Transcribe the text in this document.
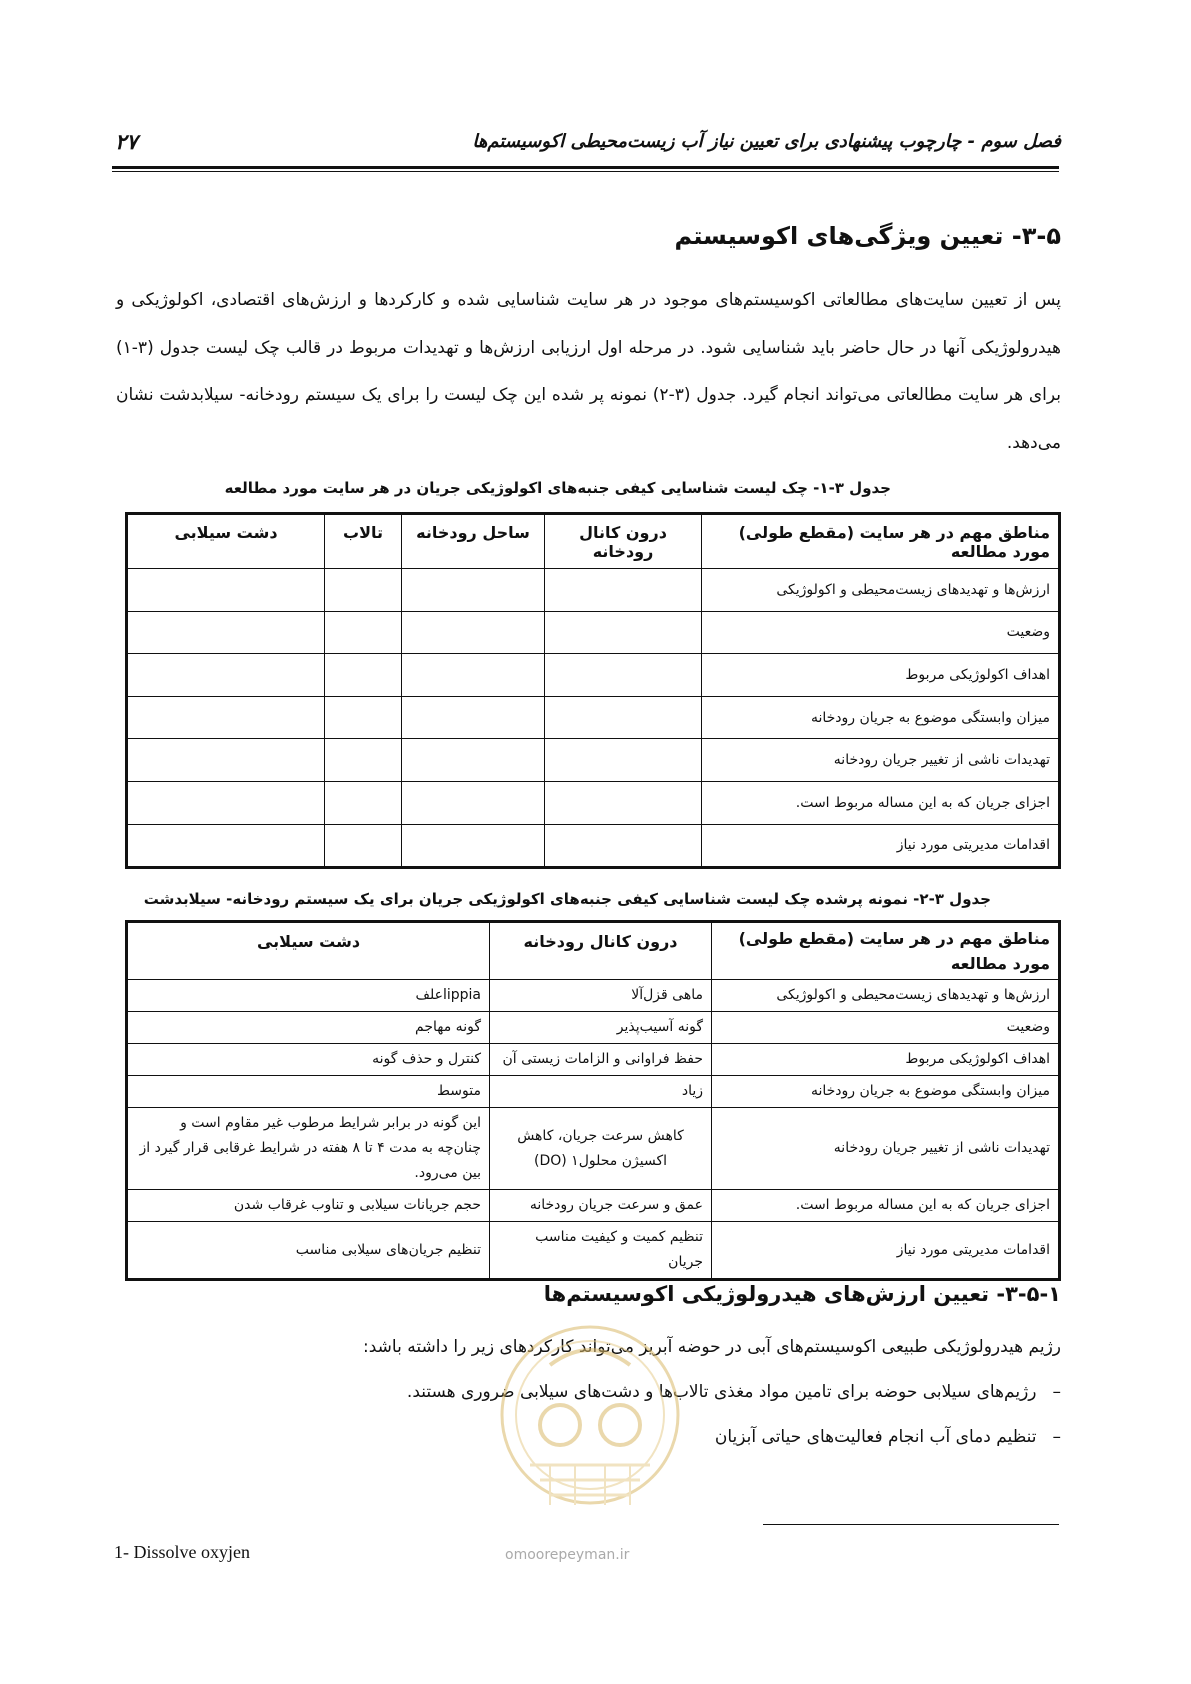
۲۷	فصل سوم - چارچوب پیشنهادی برای تعیین نیاز آب زیست‌محیطی اکوسیستم‌ها
۳-۵- تعیین ویژگی‌های اکوسیستم
پس از تعیین سایت‌های مطالعاتی اکوسیستم‌های موجود در هر سایت شناسایی شده و کارکردها و ارزش‌های اقتصادی، اکولوژیکی و هیدرولوژیکی آنها در حال حاضر باید شناسایی شود. در مرحله اول ارزیابی ارزش‌ها و تهدیدات مربوط در قالب چک لیست جدول (۳-۱) برای هر سایت مطالعاتی می‌تواند انجام گیرد. جدول (۳-۲) نمونه پر شده این چک لیست را برای یک سیستم رودخانه- سیلابدشت نشان می‌دهد.
جدول ۳-۱- چک لیست شناسایی کیفی جنبه‌های اکولوژیکی جریان در هر سایت مورد مطالعه
مناطق مهم در هر سایت (مقطع طولی) مورد مطالعه	درون کانال رودخانه	ساحل رودخانه	تالاب	دشت سیلابی
ارزش‌ها و تهدیدهای زیست‌محیطی و اکولوژیکی				
وضعیت				
اهداف اکولوژیکی مربوط				
میزان وابستگی موضوع به جریان رودخانه				
تهدیدات ناشی از تغییر جریان رودخانه				
اجزای جریان که به این مساله مربوط است.				
اقدامات مدیریتی مورد نیاز				
جدول ۳-۲- نمونه پرشده چک لیست شناسایی کیفی جنبه‌های اکولوژیکی جریان برای یک سیستم رودخانه- سیلابدشت
مناطق مهم در هر سایت (مقطع طولی) مورد مطالعه	درون کانال رودخانه	دشت سیلابی
ارزش‌ها و تهدیدهای زیست‌محیطی و اکولوژیکی	ماهی قزل‌آلا	lippiaعلف
وضعیت	گونه آسیب‌پذیر	گونه مهاجم
اهداف اکولوژیکی مربوط	حفظ فراوانی و الزامات زیستی آن	کنترل و حذف گونه
میزان وابستگی موضوع به جریان رودخانه	زیاد	متوسط
تهدیدات ناشی از تغییر جریان رودخانه	کاهش سرعت جریان، کاهش اکسیژن محلول۱ (DO)	این گونه در برابر شرایط مرطوب غیر مقاوم است و چنان‌چه به مدت ۴ تا ۸ هفته در شرایط غرقابی قرار گیرد از بین می‌رود.
اجزای جریان که به این مساله مربوط است.	عمق و سرعت جریان رودخانه	حجم جریانات سیلابی و تناوب غرقاب شدن
اقدامات مدیریتی مورد نیاز	تنظیم کمیت و کیفیت مناسب جریان	تنظیم جریان‌های سیلابی مناسب
۳-۵-۱- تعیین ارزش‌های هیدرولوژیکی اکوسیستم‌ها
رژیم هیدرولوژیکی طبیعی اکوسیستم‌های آبی در حوضه آبریز می‌تواند کارکردهای زیر را داشته باشد:
–رژیم‌های سیلابی حوضه برای تامین مواد مغذی تالاب‌ها و دشت‌های سیلابی ضروری هستند.
–تنظیم دمای آب انجام فعالیت‌های حیاتی آبزیان
omoorepeyman.ir
1- Dissolve oxyjen
